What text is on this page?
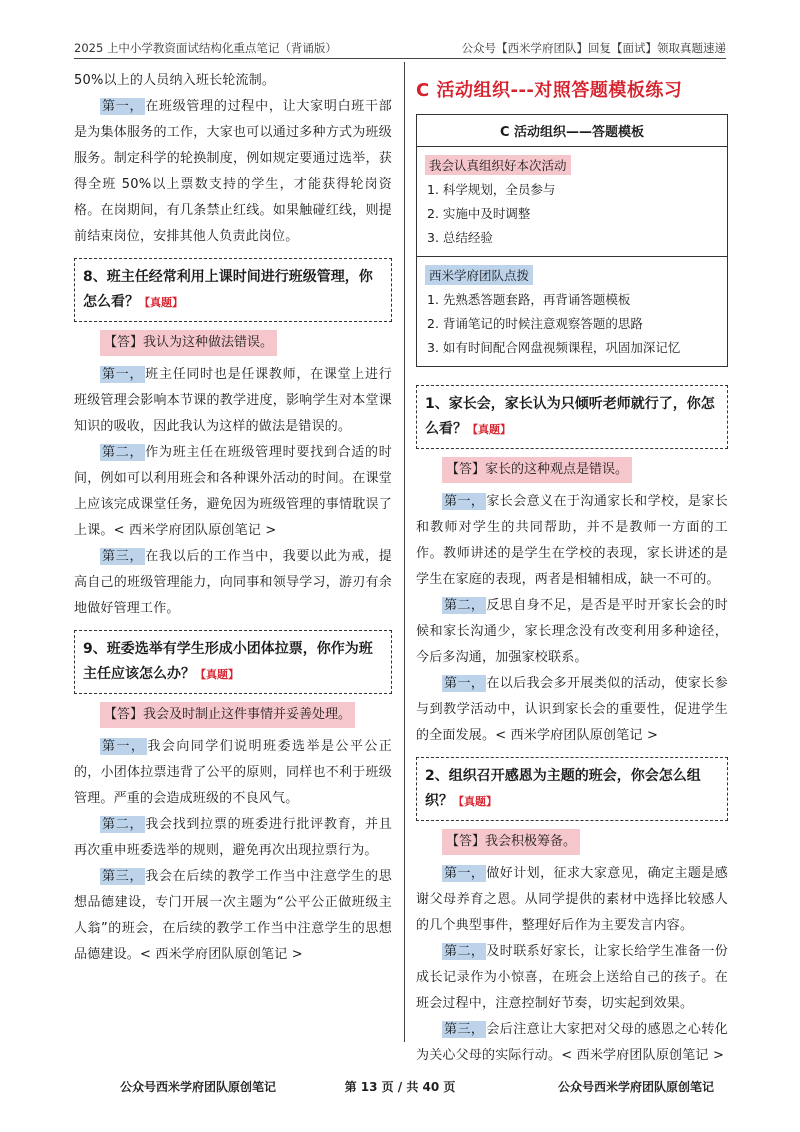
2025 上中小学教资面试结构化重点笔记（背诵版）	公众号【西米学府团队】回复【面试】领取真题速递

50%以上的人员纳入班长轮流制。

第一， 在班级管理的过程中，让大家明白班干部是为集体服务的工作，大家也可以通过多种方式为班级服务。制定科学的轮换制度，例如规定要通过选举，获得全班 50%以上票数支持的学生，才能获得轮岗资格。在岗期间，有几条禁止红线。如果触碰红线，则提前结束岗位，安排其他人负责此岗位。

8、班主任经常利用上课时间进行班级管理，你怎么看？【真题】
【答】我认为这种做法错误。

第一， 班主任同时也是任课教师，在课堂上进行班级管理会影响本节课的教学进度，影响学生对本堂课知识的吸收，因此我认为这样的做法是错误的。

第二， 作为班主任在班级管理时要找到合适的时间，例如可以利用班会和各种课外活动的时间。在课堂上应该完成课堂任务，避免因为班级管理的事情耽误了上课。< 西米学府团队原创笔记 >

第三， 在我以后的工作当中，我要以此为戒，提高自己的班级管理能力，向同事和领导学习，游刃有余地做好管理工作。

9、班委选举有学生形成小团体拉票，你作为班主任应该怎么办？【真题】
【答】我会及时制止这件事情并妥善处理。

第一， 我会向同学们说明班委选举是公平公正的，小团体拉票违背了公平的原则，同样也不利于班级管理。严重的会造成班级的不良风气。

第二， 我会找到拉票的班委进行批评教育，并且再次重申班委选举的规则，避免再次出现拉票行为。

第三， 我会在后续的教学工作当中注意学生的思想品德建设，专门开展一次主题为“公平公正做班级主人翁”的班会，在后续的教学工作当中注意学生的思想品德建设。< 西米学府团队原创笔记 >

C 活动组织---对照答题模板练习
C 活动组织——答题模板
我会认真组织好本次活动
1. 科学规划，全员参与
2. 实施中及时调整
3. 总结经验
西米学府团队点拨
1. 先熟悉答题套路，再背诵答题模板
2. 背诵笔记的时候注意观察答题的思路
3. 如有时间配合网盘视频课程，巩固加深记忆
1、家长会，家长认为只倾听老师就行了，你怎么看？【真题】
【答】家长的这种观点是错误。

第一， 家长会意义在于沟通家长和学校，是家长和教师对学生的共同帮助，并不是教师一方面的工作。教师讲述的是学生在学校的表现，家长讲述的是学生在家庭的表现，两者是相辅相成，缺一不可的。

第二， 反思自身不足，是否是平时开家长会的时候和家长沟通少，家长理念没有改变利用多种途径，今后多沟通，加强家校联系。

第一， 在以后我会多开展类似的活动，使家长参与到教学活动中，认识到家长会的重要性，促进学生的全面发展。< 西米学府团队原创笔记 >

2、组织召开感恩为主题的班会，你会怎么组织？【真题】
【答】我会积极筹备。

第一， 做好计划，征求大家意见，确定主题是感谢父母养育之恩。从同学提供的素材中选择比较感人的几个典型事件，整理好后作为主要发言内容。

第二， 及时联系好家长，让家长给学生准备一份成长记录作为小惊喜，在班会上送给自己的孩子。在班会过程中，注意控制好节奏，切实起到效果。

第三， 会后注意让大家把对父母的感恩之心转化为关心父母的实际行动。< 西米学府团队原创笔记 >

公众号西米学府团队原创笔记	第 13 页 / 共 40 页	公众号西米学府团队原创笔记
